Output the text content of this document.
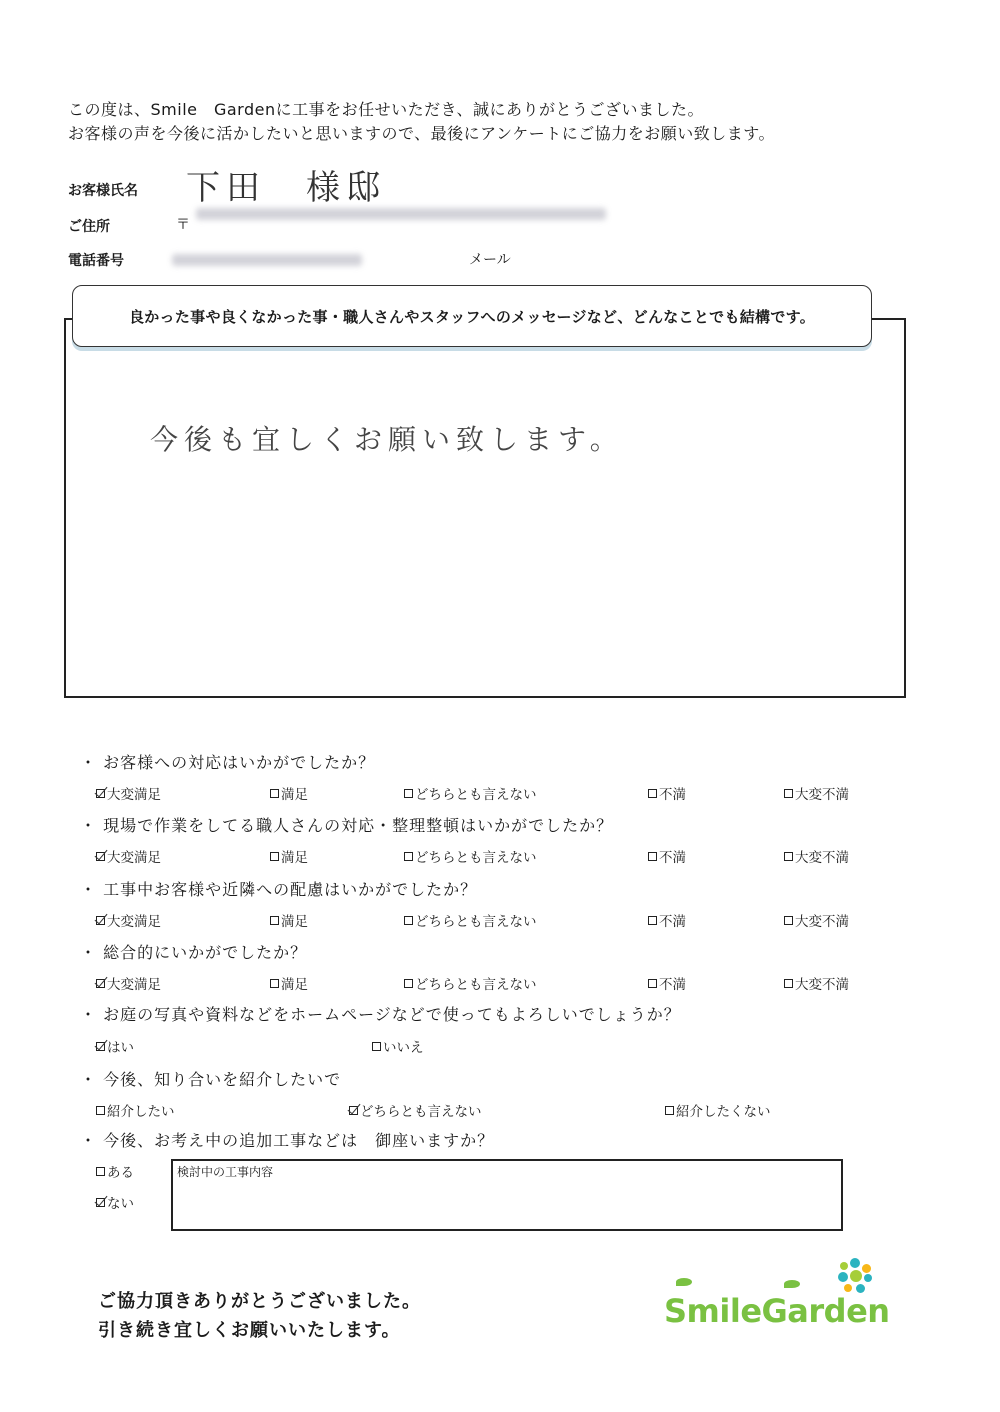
この度は、Smile　Gardenに工事をお任せいただき、誠にありがとうございました。
お客様の声を今後に活かしたいと思いますので、最後にアンケートにご協力をお願い致します。
お客様氏名 下田　様邸
ご住所	〒
電話番号	メール
良かった事や良くなかった事・職人さんやスタッフへのメッセージなど、どんなことでも結構です。
今後も宜しくお願い致します。
・ お客様への対応はいかがでしたか？
大変満足	満足	どちらとも言えない	不満	大変不満
・ 現場で作業をしてる職人さんの対応・整理整頓はいかがでしたか？
大変満足	満足	どちらとも言えない	不満	大変不満
・ 工事中お客様や近隣への配慮はいかがでしたか？
大変満足	満足	どちらとも言えない	不満	大変不満
・ 総合的にいかがでしたか？
大変満足	満足	どちらとも言えない	不満	大変不満
・ お庭の写真や資料などをホームページなどで使ってもよろしいでしょうか？
はい	いいえ
・ 今後、知り合いを紹介したいで
紹介したい	どちらとも言えない	紹介したくない
・ 今後、お考え中の追加工事などは　御座いますか？
ある
ない
検討中の工事内容
ご協力頂きありがとうございました。
引き続き宜しくお願いいたします。
SmileGarden
